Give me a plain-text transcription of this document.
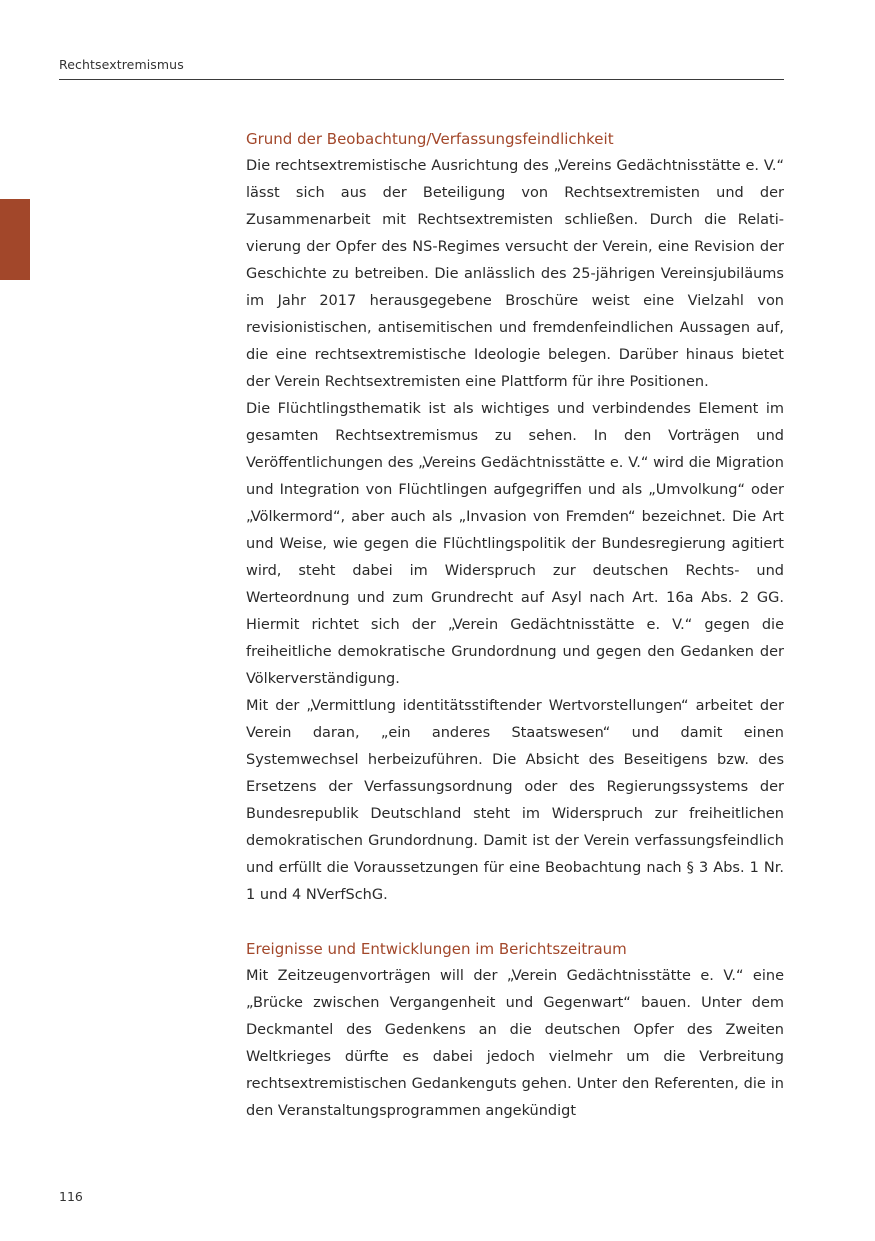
Rechtsextremismus
Grund der Beobachtung/Verfassungsfeindlichkeit

Die rechtsextremistische Ausrichtung des „Vereins Gedächtnisstätte e. V.“ lässt sich aus der Beteiligung von Rechtsextremisten und der Zusammenarbeit mit Rechtsextremisten schließen. Durch die Relativierung der Opfer des NS-Regimes versucht der Verein, eine Revision der Geschichte zu betreiben. Die anlässlich des 25-jährigen Vereinsjubiläums im Jahr 2017 herausgegebene Broschüre weist eine Vielzahl von revisionistischen, antisemitischen und fremdenfeindlichen Aussagen auf, die eine rechtsextremistische Ideologie belegen. Darüber hinaus bietet der Verein Rechtsextremisten eine Plattform für ihre Positionen.

Die Flüchtlingsthematik ist als wichtiges und verbindendes Element im gesamten Rechtsextremismus zu sehen. In den Vorträgen und Veröffentlichungen des „Vereins Gedächtnisstätte e. V.“ wird die Migration und Integration von Flüchtlingen aufgegriffen und als „Umvolkung“ oder „Völkermord“, aber auch als „Invasion von Fremden“ bezeichnet. Die Art und Weise, wie gegen die Flüchtlingspolitik der Bundesregierung agitiert wird, steht dabei im Widerspruch zur deutschen Rechts- und Werteordnung und zum Grundrecht auf Asyl nach Art. 16a Abs. 2 GG. Hiermit richtet sich der „Verein Gedächtnisstätte e. V.“ gegen die freiheitliche demokratische Grundordnung und gegen den Gedanken der Völkerverständigung.

Mit der „Vermittlung identitätsstiftender Wertvorstellungen“ arbeitet der Verein daran, „ein anderes Staatswesen“ und damit einen Systemwechsel herbeizuführen. Die Absicht des Beseitigens bzw. des Ersetzens der Verfassungsordnung oder des Regierungssystems der Bundesrepublik Deutschland steht im Widerspruch zur freiheitlichen demokratischen Grundordnung. Damit ist der Verein verfassungsfeindlich und erfüllt die Voraussetzungen für eine Beobachtung nach § 3 Abs. 1 Nr. 1 und 4 NVerfSchG.

Ereignisse und Entwicklungen im Berichtszeitraum

Mit Zeitzeugenvorträgen will der „Verein Gedächtnisstätte e. V.“ eine „Brücke zwischen Vergangenheit und Gegenwart“ bauen. Unter dem Deckmantel des Gedenkens an die deutschen Opfer des Zweiten Weltkrieges dürfte es dabei jedoch vielmehr um die Verbreitung rechtsextremistischen Gedankenguts gehen. Unter den Referenten, die in den Veranstaltungsprogrammen angekündigt

116
